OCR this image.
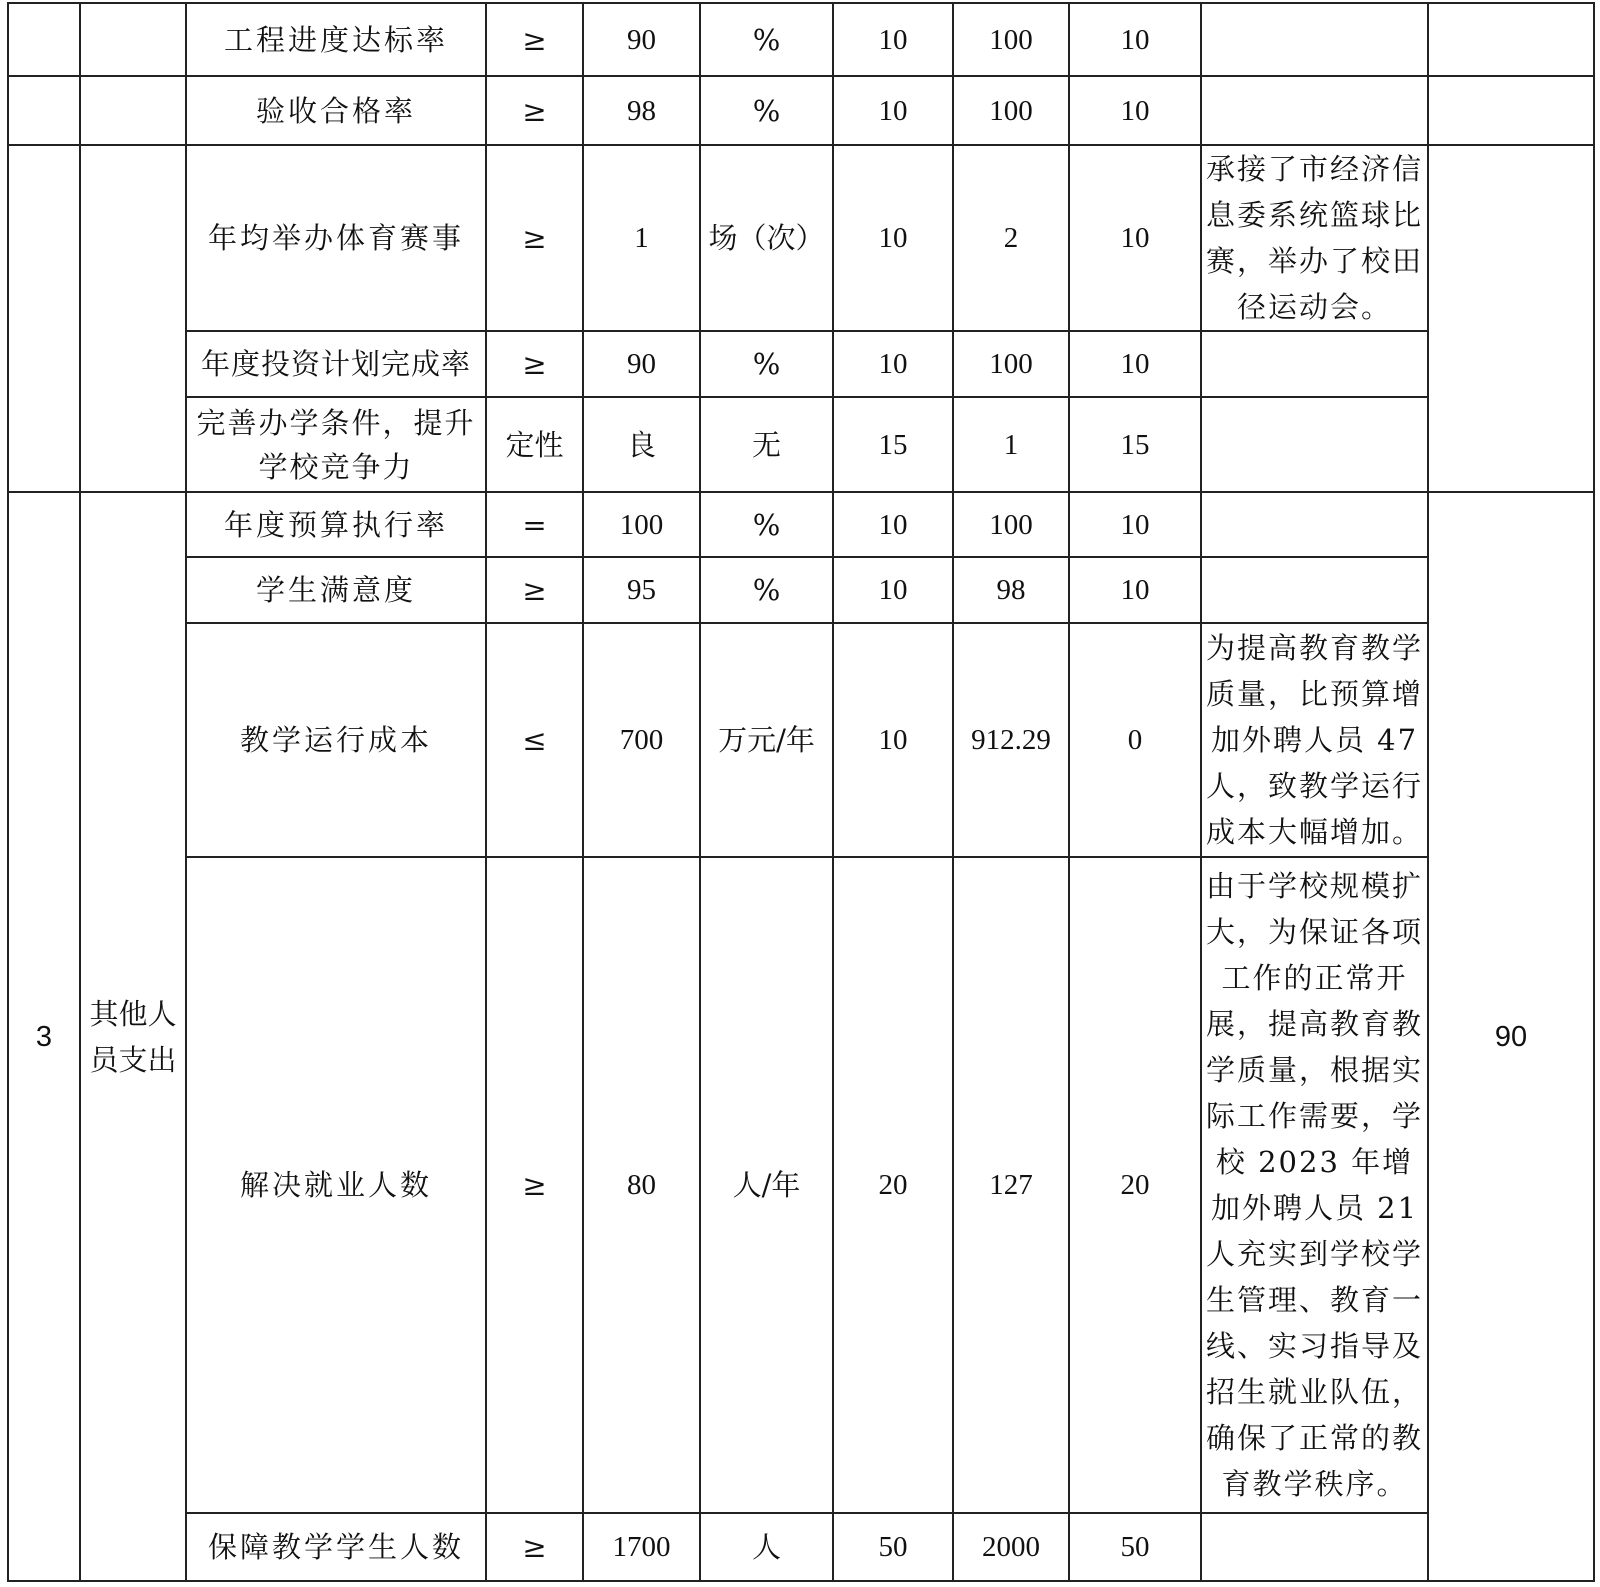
		工程进度达标率	≥	90	%	10	100	10			
		验收合格率	≥	98	%	10	100	10			
		年均举办体育赛事	≥	1	场（次）	10	2	10	承接了市经济信息委系统篮球比赛，举办了校田径运动会。		
		年度投资计划完成率	≥	90	%	10	100	10			
		完善办学条件，提升学校竞争力	定性	良	无	15	1	15			
3	其他人员支出	年度预算执行率	=	100	%	10	100	10		90	
		学生满意度	≥	95	%	10	98	10			
		教学运行成本	≤	700	万元/年	10	912.29	0	为提高教育教学质量，比预算增加外聘人员 47 人，致教学运行成本大幅增加。		
		解决就业人数	≥	80	人/年	20	127	20	由于学校规模扩大，为保证各项工作的正常开展，提高教育教学质量，根据实际工作需要，学校 2023 年增加外聘人员 21 人充实到学校学生管理、教育一线、实习指导及招生就业队伍，确保了正常的教育教学秩序。		
		保障教学学生人数	≥	1700	人	50	2000	50			
